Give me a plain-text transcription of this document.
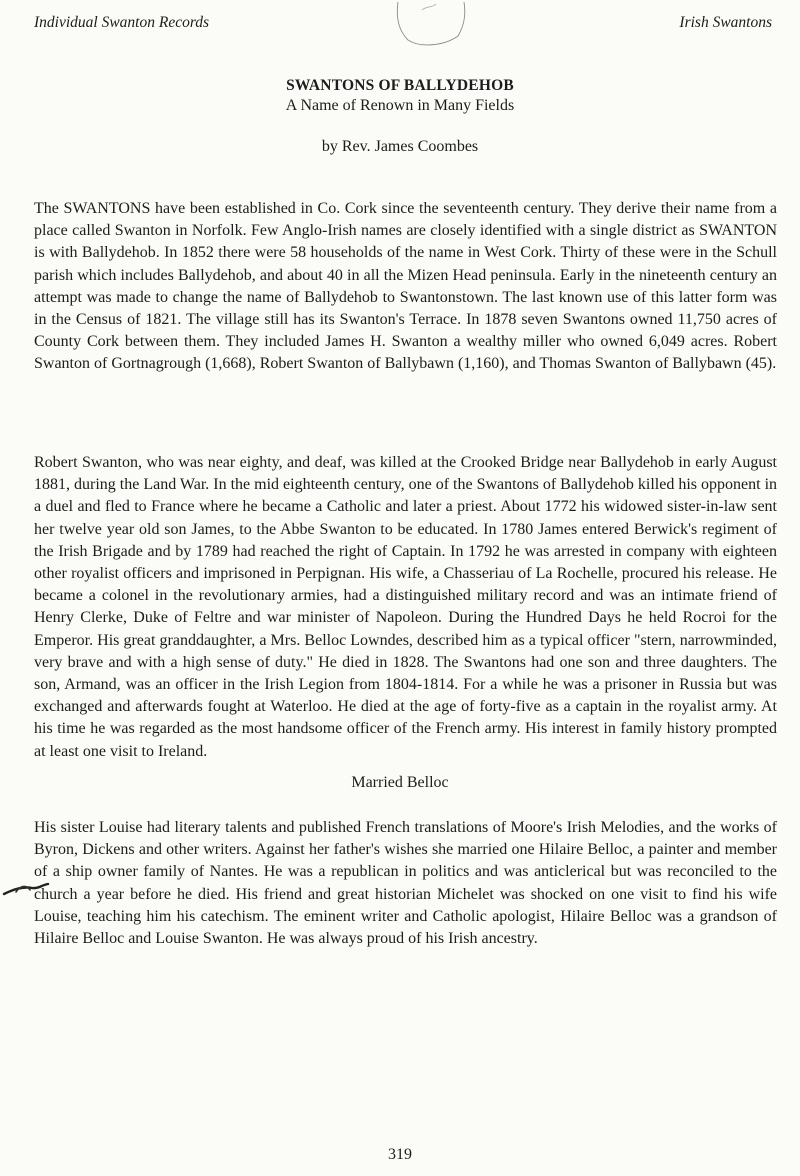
Individual Swanton Records	Irish Swantons
SWANTONS OF BALLYDEHOB
A Name of Renown in Many Fields
by Rev. James Coombes

The SWANTONS have been established in Co. Cork since the seventeenth century. They derive their name from a place called Swanton in Norfolk. Few Anglo-Irish names are closely identified with a single district as SWANTON is with Ballydehob. In 1852 there were 58 households of the name in West Cork. Thirty of these were in the Schull parish which includes Ballydehob, and about 40 in all the Mizen Head peninsula. Early in the nineteenth century an attempt was made to change the name of Ballydehob to Swantonstown. The last known use of this latter form was in the Census of 1821. The village still has its Swanton's Terrace. In 1878 seven Swantons owned 11,750 acres of County Cork between them. They included James H. Swanton a wealthy miller who owned 6,049 acres. Robert Swanton of Gortnagrough (1,668), Robert Swanton of Ballybawn (1,160), and Thomas Swanton of Ballybawn (45).

Robert Swanton, who was near eighty, and deaf, was killed at the Crooked Bridge near Ballydehob in early August 1881, during the Land War. In the mid eighteenth century, one of the Swantons of Ballydehob killed his opponent in a duel and fled to France where he became a Catholic and later a priest. About 1772 his widowed sister-in-law sent her twelve year old son James, to the Abbe Swanton to be educated. In 1780 James entered Berwick's regiment of the Irish Brigade and by 1789 had reached the right of Captain. In 1792 he was arrested in company with eighteen other royalist officers and imprisoned in Perpignan. His wife, a Chasseriau of La Rochelle, procured his release. He became a colonel in the revolutionary armies, had a distinguished military record and was an intimate friend of Henry Clerke, Duke of Feltre and war minister of Napoleon. During the Hundred Days he held Rocroi for the Emperor. His great granddaughter, a Mrs. Belloc Lowndes, described him as a typical officer "stern, narrowminded, very brave and with a high sense of duty." He died in 1828. The Swantons had one son and three daughters. The son, Armand, was an officer in the Irish Legion from 1804-1814. For a while he was a prisoner in Russia but was exchanged and afterwards fought at Waterloo. He died at the age of forty-five as a captain in the royalist army. At his time he was regarded as the most handsome officer of the French army. His interest in family history prompted at least one visit to Ireland.

Married Belloc

His sister Louise had literary talents and published French translations of Moore's Irish Melodies, and the works of Byron, Dickens and other writers. Against her father's wishes she married one Hilaire Belloc, a painter and member of a ship owner family of Nantes. He was a republican in politics and was anticlerical but was reconciled to the church a year before he died. His friend and great historian Michelet was shocked on one visit to find his wife Louise, teaching him his catechism. The eminent writer and Catholic apologist, Hilaire Belloc was a grandson of Hilaire Belloc and Louise Swanton. He was always proud of his Irish ancestry.

319
